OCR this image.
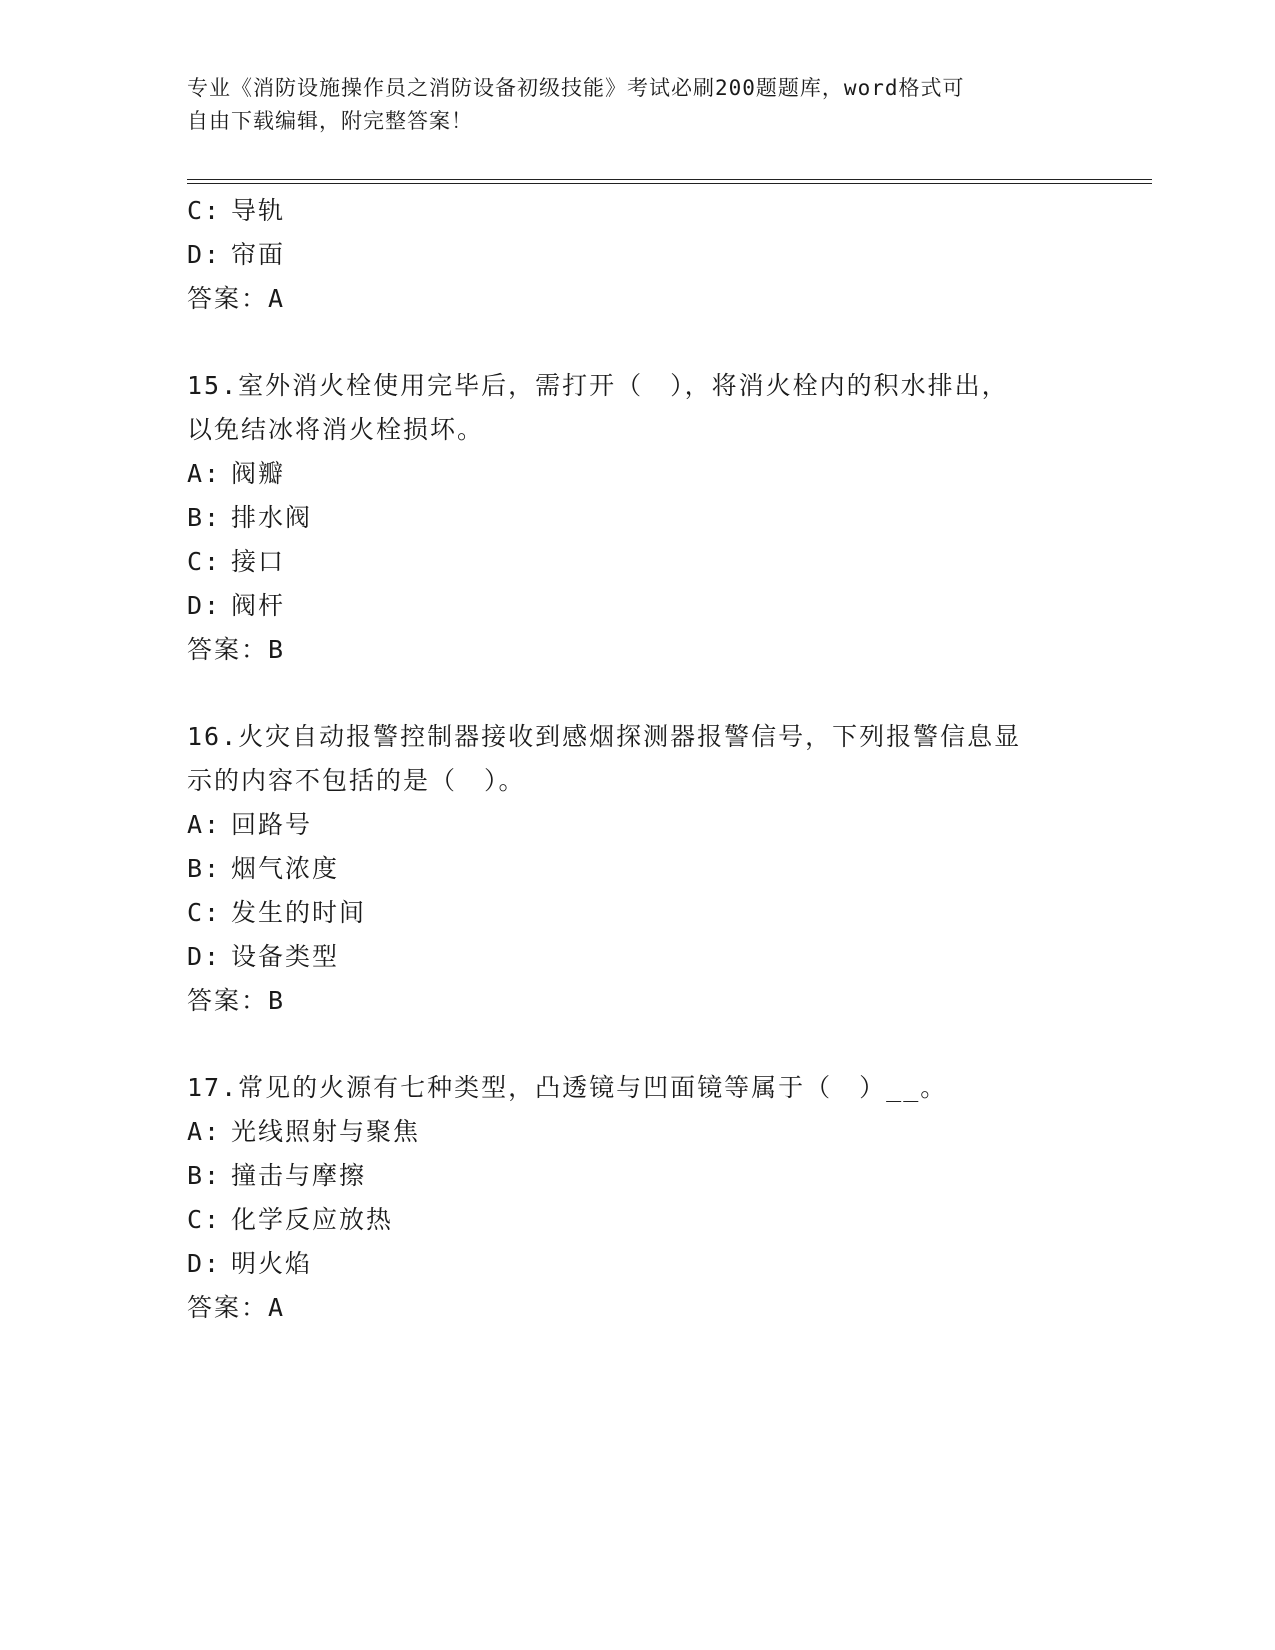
专业《消防设施操作员之消防设备初级技能》考试必刷200题题库，word格式可
自由下载编辑，附完整答案！
C: 导轨
D: 帘面
答案：A
15.室外消火栓使用完毕后，需打开（　），将消火栓内的积水排出，
以免结冰将消火栓损坏。
A: 阀瓣
B: 排水阀
C: 接口
D: 阀杆
答案：B
16.火灾自动报警控制器接收到感烟探测器报警信号，下列报警信息显
示的内容不包括的是（　）。
A: 回路号
B: 烟气浓度
C: 发生的时间
D: 设备类型
答案：B
17.常见的火源有七种类型，凸透镜与凹面镜等属于（　）__。
A: 光线照射与聚焦
B: 撞击与摩擦
C: 化学反应放热
D: 明火焰
答案：A
